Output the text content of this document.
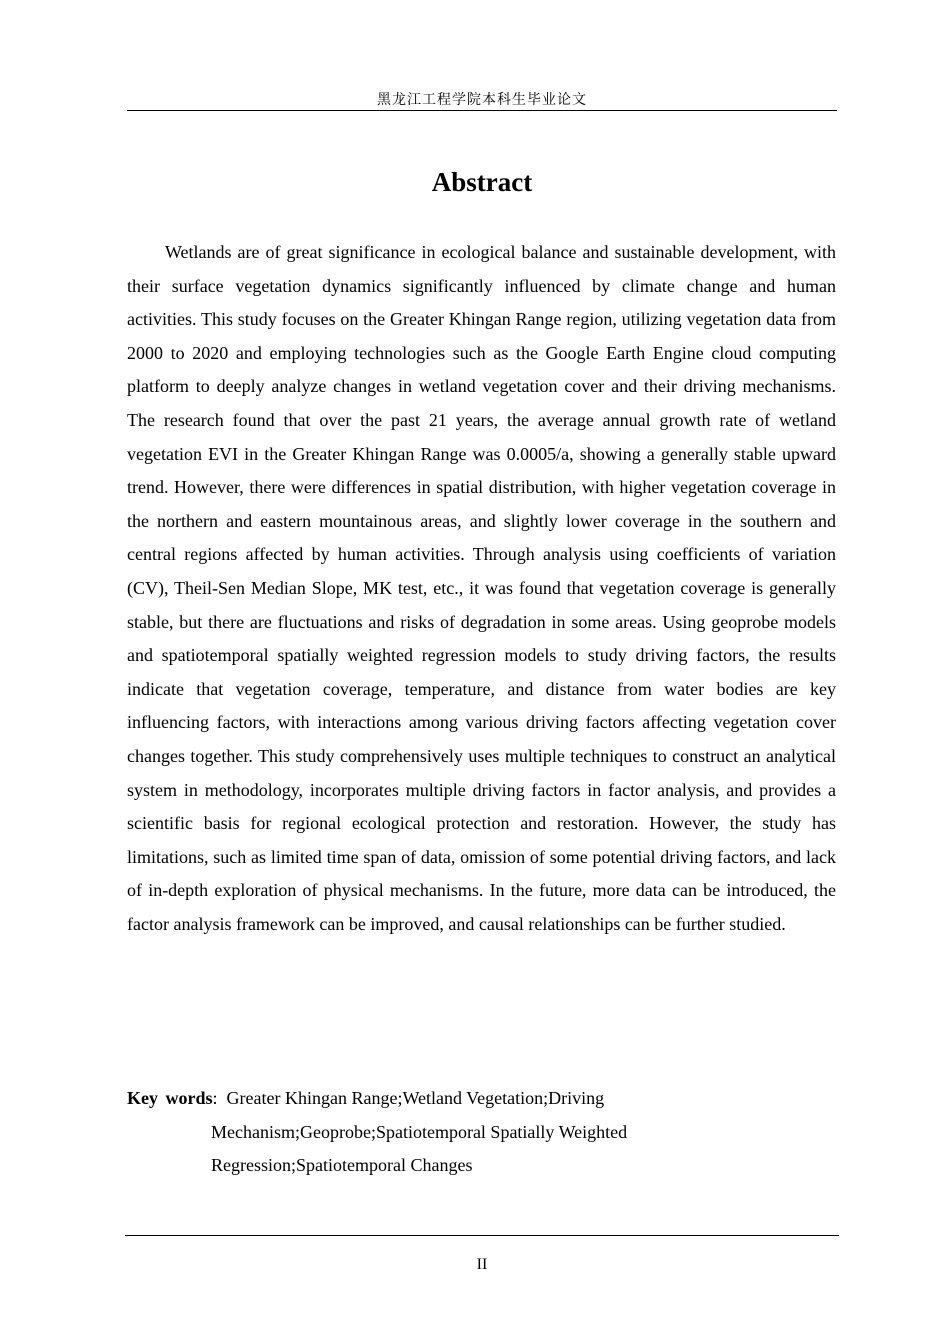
黑龙江工程学院本科生毕业论文
Abstract

Wetlands are of great significance in ecological balance and sustainable development, with their surface vegetation dynamics significantly influenced by climate change and human activities. This study focuses on the Greater Khingan Range region, utilizing vegetation data from 2000 to 2020 and employing technologies such as the Google Earth Engine cloud computing platform to deeply analyze changes in wetland vegetation cover and their driving mechanisms. The research found that over the past 21 years, the average annual growth rate of wetland vegetation EVI in the Greater Khingan Range was 0.0005/a, showing a generally stable upward trend. However, there were differences in spatial distribution, with higher vegetation coverage in the northern and eastern mountainous areas, and slightly lower coverage in the southern and central regions affected by human activities. Through analysis using coefficients of variation (CV), Theil-Sen Median Slope, MK test, etc., it was found that vegetation coverage is generally stable, but there are fluctuations and risks of degradation in some areas. Using geoprobe models and spatiotemporal spatially weighted regression models to study driving factors, the results indicate that vegetation coverage, temperature, and distance from water bodies are key influencing factors, with interactions among various driving factors affecting vegetation cover changes together. This study comprehensively uses multiple techniques to construct an analytical system in methodology, incorporates multiple driving factors in factor analysis, and provides a scientific basis for regional ecological protection and restoration. However, the study has limitations, such as limited time span of data, omission of some potential driving factors, and lack of in-depth exploration of physical mechanisms. In the future, more data can be introduced, the factor analysis framework can be improved, and causal relationships can be further studied.

Key words: Greater Khingan Range;Wetland Vegetation;Driving Mechanism;Geoprobe;Spatiotemporal Spatially Weighted Regression;Spatiotemporal Changes

II
